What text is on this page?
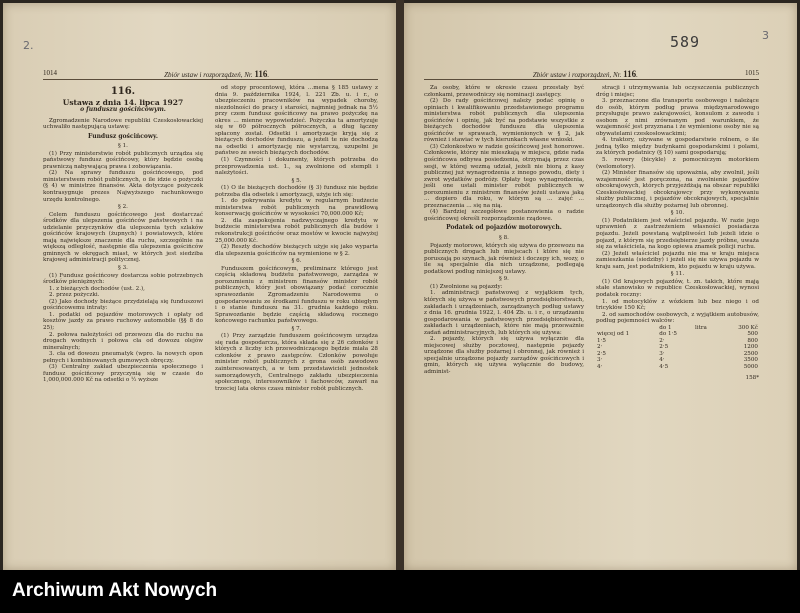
2.
1014	Zbiór ustaw i rozporządzeń, Nr. 116.

116.

Ustawa z dnia 14. lipca 1927

o funduszu gościńcowym.

Zgromadzenie Narodowe republiki Czeskosłowackiej uchwaliło następującą ustawę:

Fundusz gościńcowy.

§ 1.

(1) Przy ministerstwie robót publicznych urządza się państwowy fundusz gościńcowy, który będzie osobą prawniczą nabywającą prawa i zobowiązania.

(2) Na sprawy funduszu gościńcowego, pod ministerstwem robót publicznych, o ile idzie o pożyczki (§ 4) w ministrze finansów. Akta dotyczące pożyczek kontrasygnuje prezes Najwyższego rachunkowego urzędu kontrolnego.

§ 2.

Celem funduszu gościńcowego jest dostarczać środków dla ulepszenia gościńców państwowych i na udzielanie przyczynków dla ulepszenia tych szlaków gościńców krajowych (żupnych) i powiatowych, które mają największe znaczenie dla ruchu, szczególnie na większą odległość, następnie dla ulepszenia gościńców gminnych w okręgach miast, w których jest siedziba krajowej administracji politycznej.

§ 3.

(1) Fundusz gościńcowy dostarcza sobie potrzebnych środków pieniężnych:

1. z bieżących dochodów (ust. 2.),

2. przez pożyczki.

(2) Jako dochody bieżące przydzielają się funduszowi gościńcowemu intraty:

1. podatki od pojazdów motorowych i opłaty od kosztów jazdy za prawo ruchowy automobile (§§ 8 do 25);

2. połowa należytości od przewozu dla do ruchu na drogach wodnych i połowa cła od dowozu olejów mineralnych;

3. cła od dowozu pneumatyk (wpro. ła nowych opon pełnych i kombinowanych gumowych obręczy.

(3) Centralny zakład ubezpieczenia społecznego i fundusz gościńcowy przyczynią się w czasie do 1,000,000.000 Kč na odsetki o ½ wyższe

od stopy procentowej, która ...mena § 185 ustawy z dnia 9. października 1924, l. 221 Zb. u. i r., o ubezpieczeniu pracowników na wypadek choroby, niezdolności do pracy i starości, najmniej jednak na 5½ przy czem fundusz gościńcowy na prawo pożyczkę na okres ... mienne wypowiedzieć. Pożyczka ta amortyzuje się w 60 półrocznych półrocznych, a dług łączny spłacony został. Odsetki i amortyzacje kryją się z bieżących dochodów funduszu, a jeżeli te nie dochodzą na odsetki i amortyzację nie wystarczą, uzupełni je państwo ze swoich bieżących dochodów.

(1) Czynności i dokumenty, których potrzeba do przeprowadzenia ust. 1., są zwolnione od stempli i należytości.

§ 5.

(1) O ile bieżących dochodów (§ 3) fundusz nie będzie potrzeba dla odsetek i amortyzacji, użyje ich się:

1. do pokrywania kredytu w regularnym budżecie ministerstwa robót publicznych na prawidłową konserwację gościńców w wysokości 70,000.000 Kč;

2. dla zaspokojenia nadzwyczajnego kredytu w budżecie ministerstwa robót publicznych dla budów i rekonstrukcji gościńców oraz mostów w kwocie najwyżej 25,000.000 Kč.

(2) Reszty dochodów bieżących użyje się jako wyparta dla ulepszenia gościńców na wymienione w § 2.

§ 6.

Funduszem gościńcowym, preliminarz którego jest częścią składową budżetu państwowego, zarządza w porozumieniu z ministrem finansów minister robót publicznych, który jest obowiązany podać corocznie sprawozdanie Zgromadzeniu Narodowemu o gospodarowaniu ze środkami funduszu w roku ubiegłym i o stanie funduszu na 31. grudnia każdego roku. Sprawozdanie będzie częścią składową rocznego końcowego rachunku państwowego.

§ 7.

(1) Przy zarządzie funduszem gościńcowym urządza się rada gospodarcza, która składa się z 26 członków i których z liczby ich przewodniczącego będzie miała 28 członków z prawo zastępców. Członków powołuje minister robót publicznych z grona osób zawodowo zainteresowanych, a w tem przedstawicieli jednostek samorządowych, Centralnego zakładu ubezpieczenia społecznego, interesowników i fachowców, zawarł na trzeciej lata okres czasu minister robót publicznych.

589	3

Zbiór ustaw i rozporządzeń, Nr. 116.	1015

Za osoby, które w okresie czasu przestały być członkami, przewodniczy się nominacji zastępcy.

(2) Do rady gościńcowej należy podać opinię o opiniach i kwalifikowaniu przedstawionego programu ministerstwa robót publicznych dla ulepszenia gościńców i opinię, jak być na podstawie wszystkie z bieżących dochodów funduszu dla ulepszenia gościńców w sprawach, wymienionych w § 2, jak również i stawiać w tych kierunkach własne wnioski.

(3) Członkostwo w radzie gościńcowej jest honorowe. Członkowie, którzy nie mieszkają w miejscu, gdzie rada gościńcowa odbywa posiedzenia, otrzymają przez czas sesji, w której wezmą udział, jeżeli nie biorą z kasy publicznej już wynagrodzenia z innego powodu, diety i zwrot wydatków podróży. Opłaty tego wynagrodzenia, jeśli one ustali minister robót publicznych w porozumieniu z ministrem finansów jeżeli ustawa jaką ... dopiero dla roku, w którym są ... zajęć ... przeznaczenia ... się na nią.

(4) Bardziej szczegółowe postanowienia o radzie gościńcowej określi rozporządzenie rządowe.

Podatek od pojazdów motorowych.

§ 8.

Pojazdy motorowe, których się używa do przewozu na publicznych drogach lub miejscach i które się nie poruszają po szynach, jak również i doczepy ich, wozy, o ile są specjalnie dla nich urządzone, podlegają podatkowi podług niniejszej ustawy.

§ 9.

(1) Zwolnione są pojazdy:

1. administracji państwowej z wyjątkiem tych, których się używa w państwowych przedsiębiorstwach, zakładach i urządzeniach, zarządzanych podług ustawy z dnia 16. grudnia 1922, l. 404 Zb. u. i r., o urządzaniu gospodarowania w państwowych przedsiębiorstwach, zakładach i urządzeniach, które nie mają przeważnie zadań administracyjnych, lub których się używa:

2. pojazdy, których się używa wyłącznie dla miejscowej służby pocztowej, następnie pojazdy urządzone dla służby pożarnej i obronnej, jak również i specjalnie urządzone pojazdy zarządów gościńcowych i gmin, których się używa wyłącznie do budowy, administ-

stracji i utrzymywania lub oczyszczenia publicznych dróg i miejsc;

3. przeznaczone dla transportu osobowego i należące do osób, którym podług prawa międzynarodowego przysługuje prawo zakrajowości, konsulom z zawodu i osobom z nimi zrównanym pod warunkiem, że wzajemność jest przyznana i że wymienione osoby nie są obywatelami czeskosłowackimi;

4. traktory, używane w gospodarstwie rolnem, o ile jedną tylko między budynkami gospodarskimi i polami, za których podatnicy (§ 10) sami gospodarują;

5. rowery (bicykle) z pomocniczym motorkiem (welomotory).

(2) Minister finansów się upoważnia, aby zwolnił, jeśli wzajemność jest poręczona, na zwolnienie pojazdów obcokrajowych, których przyjeżdżają na obszar republiki Czeskosłowackiej obcokrajowcy przy wykonywaniu służby publicznej, i pojazdów obcokrajowych, specjalnie urządzonych dla służby pożarnej lub obronnej.

§ 10.

(1) Podatnikiem jest właściciel pojazdu. W razie jego uprawnień z zastrzeżeniem własności posiadacza pojazdu. Jeżeli powstaną wątpliwości lub jeżeli idzie o pojazd, z którym się przedsiębierze jazdy próbne, uważa się za właściciela, na kogo opiewa znamek policji ruchu.

(2) Jeżeli właściciel pojazdu nie ma w kraju miejsca zamieszkania (siedziby) i jeżeli się nie używa pojazdu w kraju sam, jest podatnikiem, kto pojazdu w kraju używa.

§ 11.

(1) Od krajowych pojazdów, t. zn. takich, które mają stałe stanowisko w republice Czeskosłowackiej, wynosi podatek roczny:

1. od motocyklów z wózkiem lub bez niego i od tricyklów 150 Kč;

2. od samochodów osobowych, z wyjątkiem autobusów, podług pojemności walców:

	do 1	litra	300 Kč
więcej od 1	do 1·5		500
1·5	2·		800
2·	2·5		1200
2·5	3·		2500
3·	4·		3500
4·	4·5		5000

158*

Archiwum Akt Nowych
